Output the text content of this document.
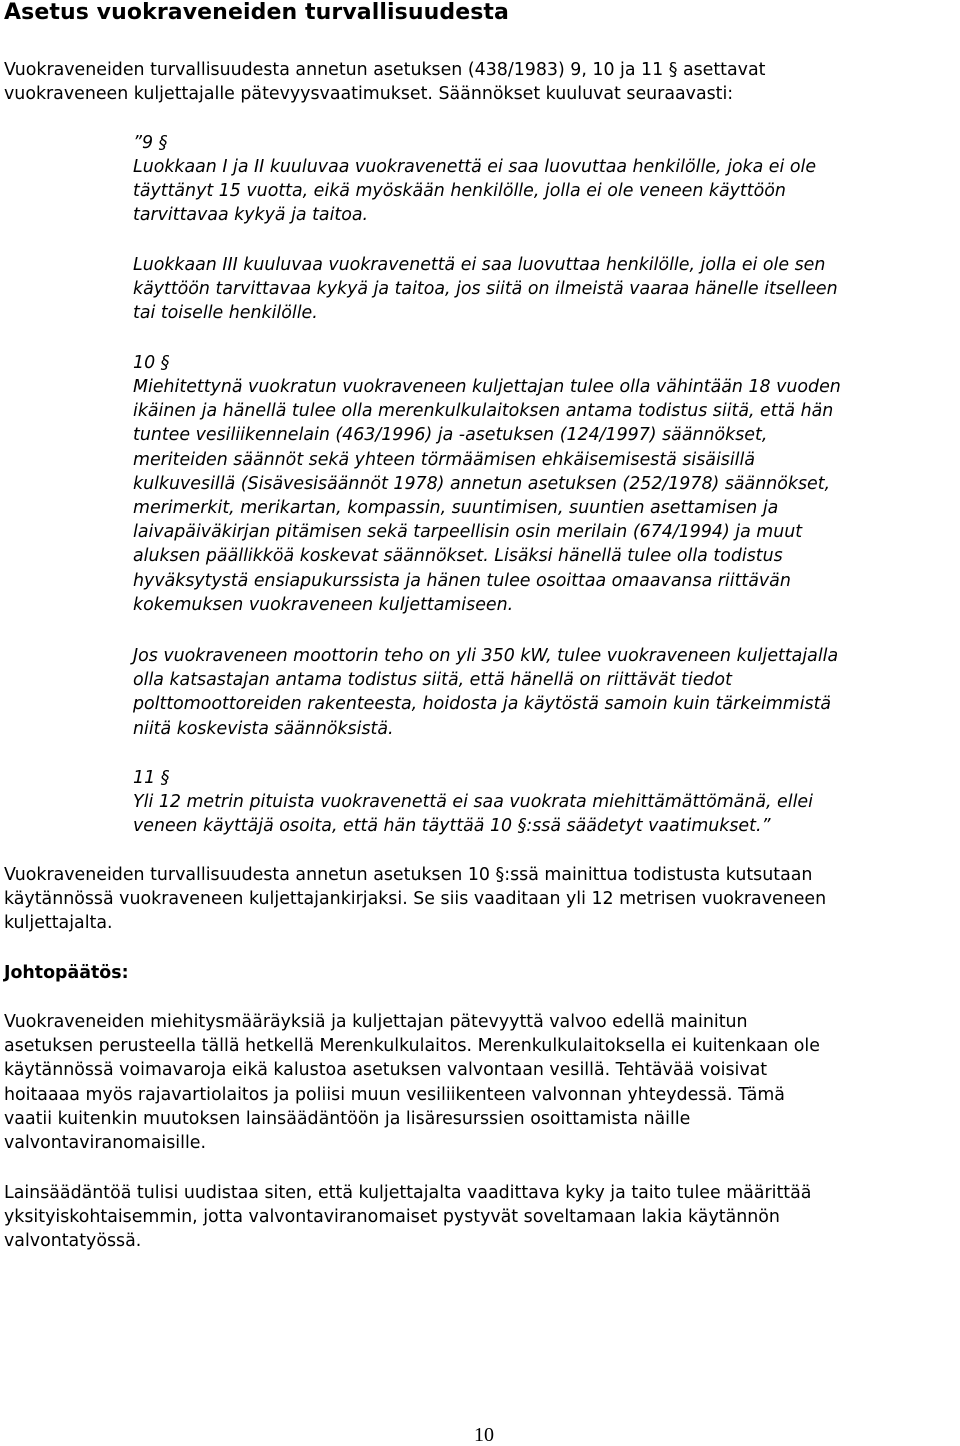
Asetus vuokraveneiden turvallisuudesta
Vuokraveneiden turvallisuudesta annetun asetuksen (438/1983) 9, 10 ja 11 § asettavat
vuokraveneen kuljettajalle pätevyysvaatimukset. Säännökset kuuluvat seuraavasti:
”9 §
Luokkaan I ja II kuuluvaa vuokravenettä ei saa luovuttaa henkilölle, joka ei ole
täyttänyt 15 vuotta, eikä myöskään henkilölle, jolla ei ole veneen käyttöön
tarvittavaa kykyä ja taitoa.
Luokkaan III kuuluvaa vuokravenettä ei saa luovuttaa henkilölle, jolla ei ole sen
käyttöön tarvittavaa kykyä ja taitoa, jos siitä on ilmeistä vaaraa hänelle itselleen
tai toiselle henkilölle.
10 §
Miehitettynä vuokratun vuokraveneen kuljettajan tulee olla vähintään 18 vuoden
ikäinen ja hänellä tulee olla merenkulkulaitoksen antama todistus siitä, että hän
tuntee vesiliikennelain (463/1996) ja -asetuksen (124/1997) säännökset,
meriteiden säännöt sekä yhteen törmäämisen ehkäisemisestä sisäisillä
kulkuvesillä (Sisävesisäännöt 1978) annetun asetuksen (252/1978) säännökset,
merimerkit, merikartan, kompassin, suuntimisen, suuntien asettamisen ja
laivapäiväkirjan pitämisen sekä tarpeellisin osin merilain (674/1994) ja muut
aluksen päällikköä koskevat säännökset. Lisäksi hänellä tulee olla todistus
hyväksytystä ensiapukurssista ja hänen tulee osoittaa omaavansa riittävän
kokemuksen vuokraveneen kuljettamiseen.
Jos vuokraveneen moottorin teho on yli 350 kW, tulee vuokraveneen kuljettajalla
olla katsastajan antama todistus siitä, että hänellä on riittävät tiedot
polttomoottoreiden rakenteesta, hoidosta ja käytöstä samoin kuin tärkeimmistä
niitä koskevista säännöksistä.
11 §
Yli 12 metrin pituista vuokravenettä ei saa vuokrata miehittämättömänä, ellei
veneen käyttäjä osoita, että hän täyttää 10 §:ssä säädetyt vaatimukset.”
Vuokraveneiden turvallisuudesta annetun asetuksen 10 §:ssä mainittua todistusta kutsutaan
käytännössä vuokraveneen kuljettajankirjaksi. Se siis vaaditaan yli 12 metrisen vuokraveneen
kuljettajalta.
Johtopäätös:
Vuokraveneiden miehitysmääräyksiä ja kuljettajan pätevyyttä valvoo edellä mainitun
asetuksen perusteella tällä hetkellä Merenkulkulaitos. Merenkulkulaitoksella ei kuitenkaan ole
käytännössä voimavaroja eikä kalustoa asetuksen valvontaan vesillä. Tehtävää voisivat
hoitaaaa myös rajavartiolaitos ja poliisi muun vesiliikenteen valvonnan yhteydessä. Tämä
vaatii kuitenkin muutoksen lainsäädäntöön ja lisäresurssien osoittamista näille
valvontaviranomaisille.
Lainsäädäntöä tulisi uudistaa siten, että kuljettajalta vaadittava kyky ja taito tulee määrittää
yksityiskohtaisemmin, jotta valvontaviranomaiset pystyvät soveltamaan lakia käytännön
valvontatyössä.
10
